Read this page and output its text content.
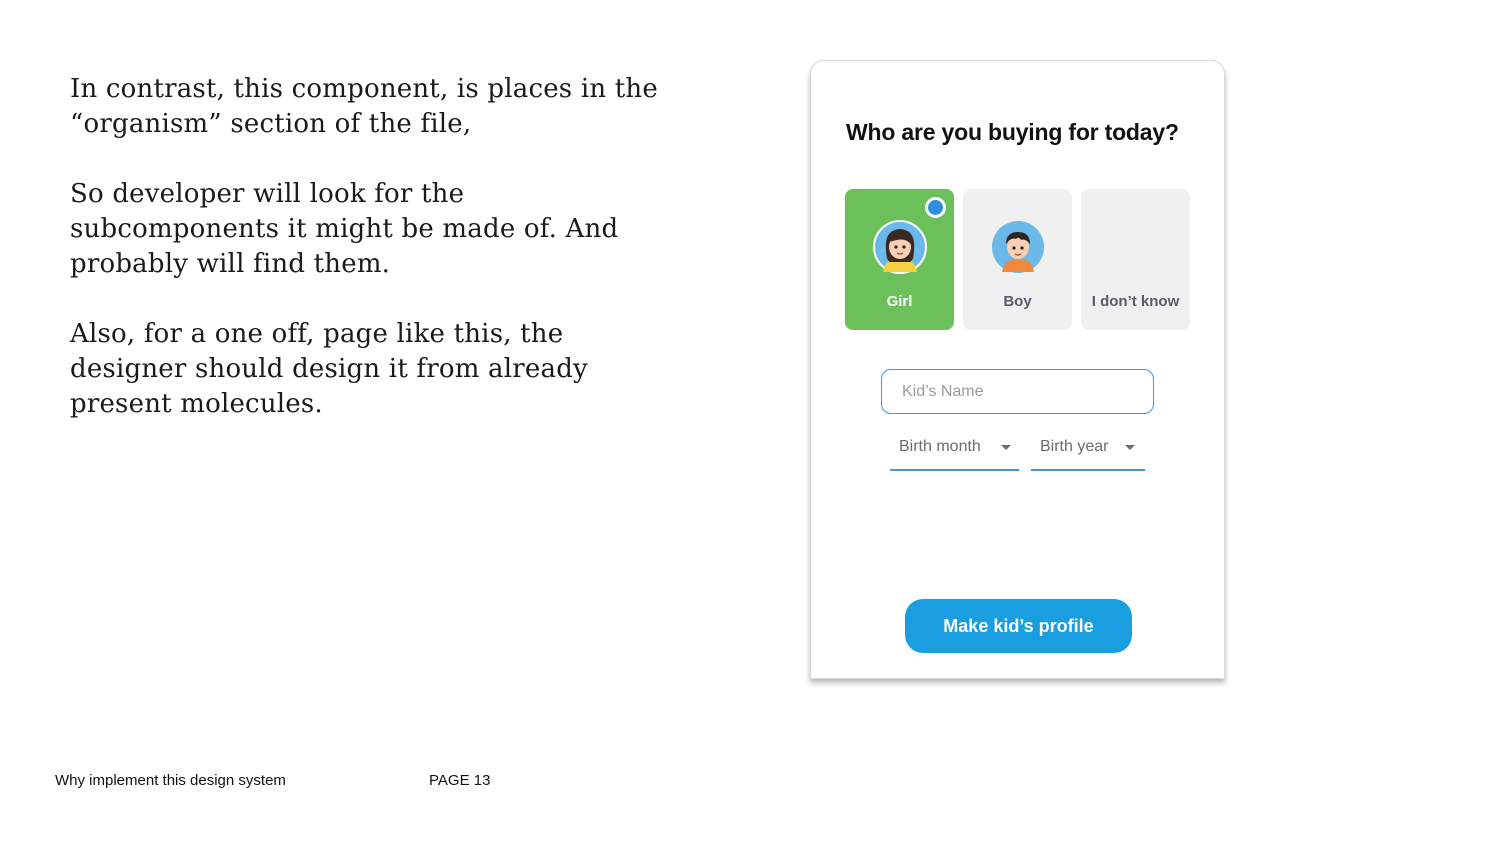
In contrast, this component, is places in the “organism” section of the file,

So developer will look for the subcomponents it might be made of. And probably will find them.

Also, for a one off, page like this, the designer should design it from already present molecules.

Why implement this design system	PAGE 13
Who are you buying for today?
Girl	Boy	I don’t know
Kid’s Name
Birth month	Birth year
Make kid’s profile
